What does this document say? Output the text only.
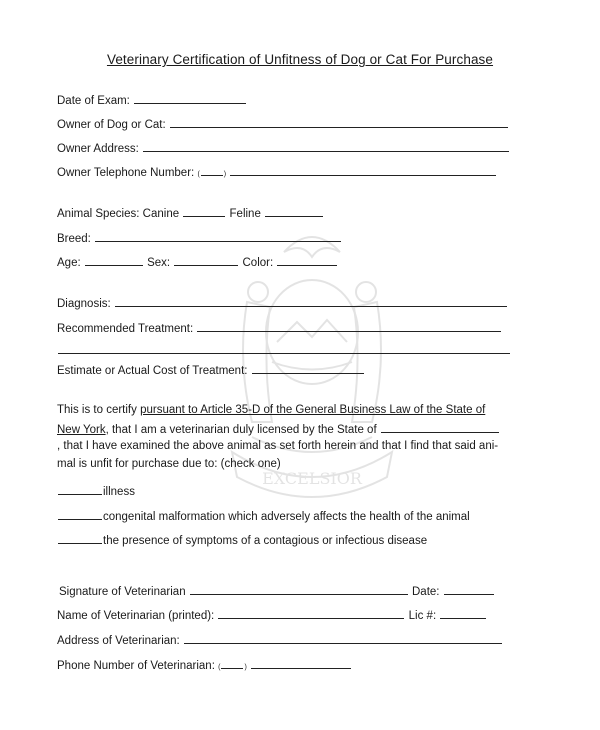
EXCELSIOR
Veterinary Certification of Unfitness of Dog or Cat For Purchase
Date of Exam:
Owner of Dog or Cat:
Owner Address:
Owner Telephone Number: (	)
Animal Species: Canine	Feline
Breed:
Age:	Sex:	Color:
Diagnosis:
Recommended Treatment:
Estimate or Actual Cost of Treatment:
This is to certify pursuant to Article 35-D of the General Business Law of the State of
New York, that I am a veterinarian duly licensed by the State of
, that I have examined the above animal as set forth herein and that I find that said ani-
mal is unfit for purchase due to: (check one)
illness
congenital malformation which adversely affects the health of the animal
the presence of symptoms of a contagious or infectious disease
Signature of Veterinarian	Date:
Name of Veterinarian (printed):	Lic #:
Address of Veterinarian:
Phone Number of Veterinarian: (	)
